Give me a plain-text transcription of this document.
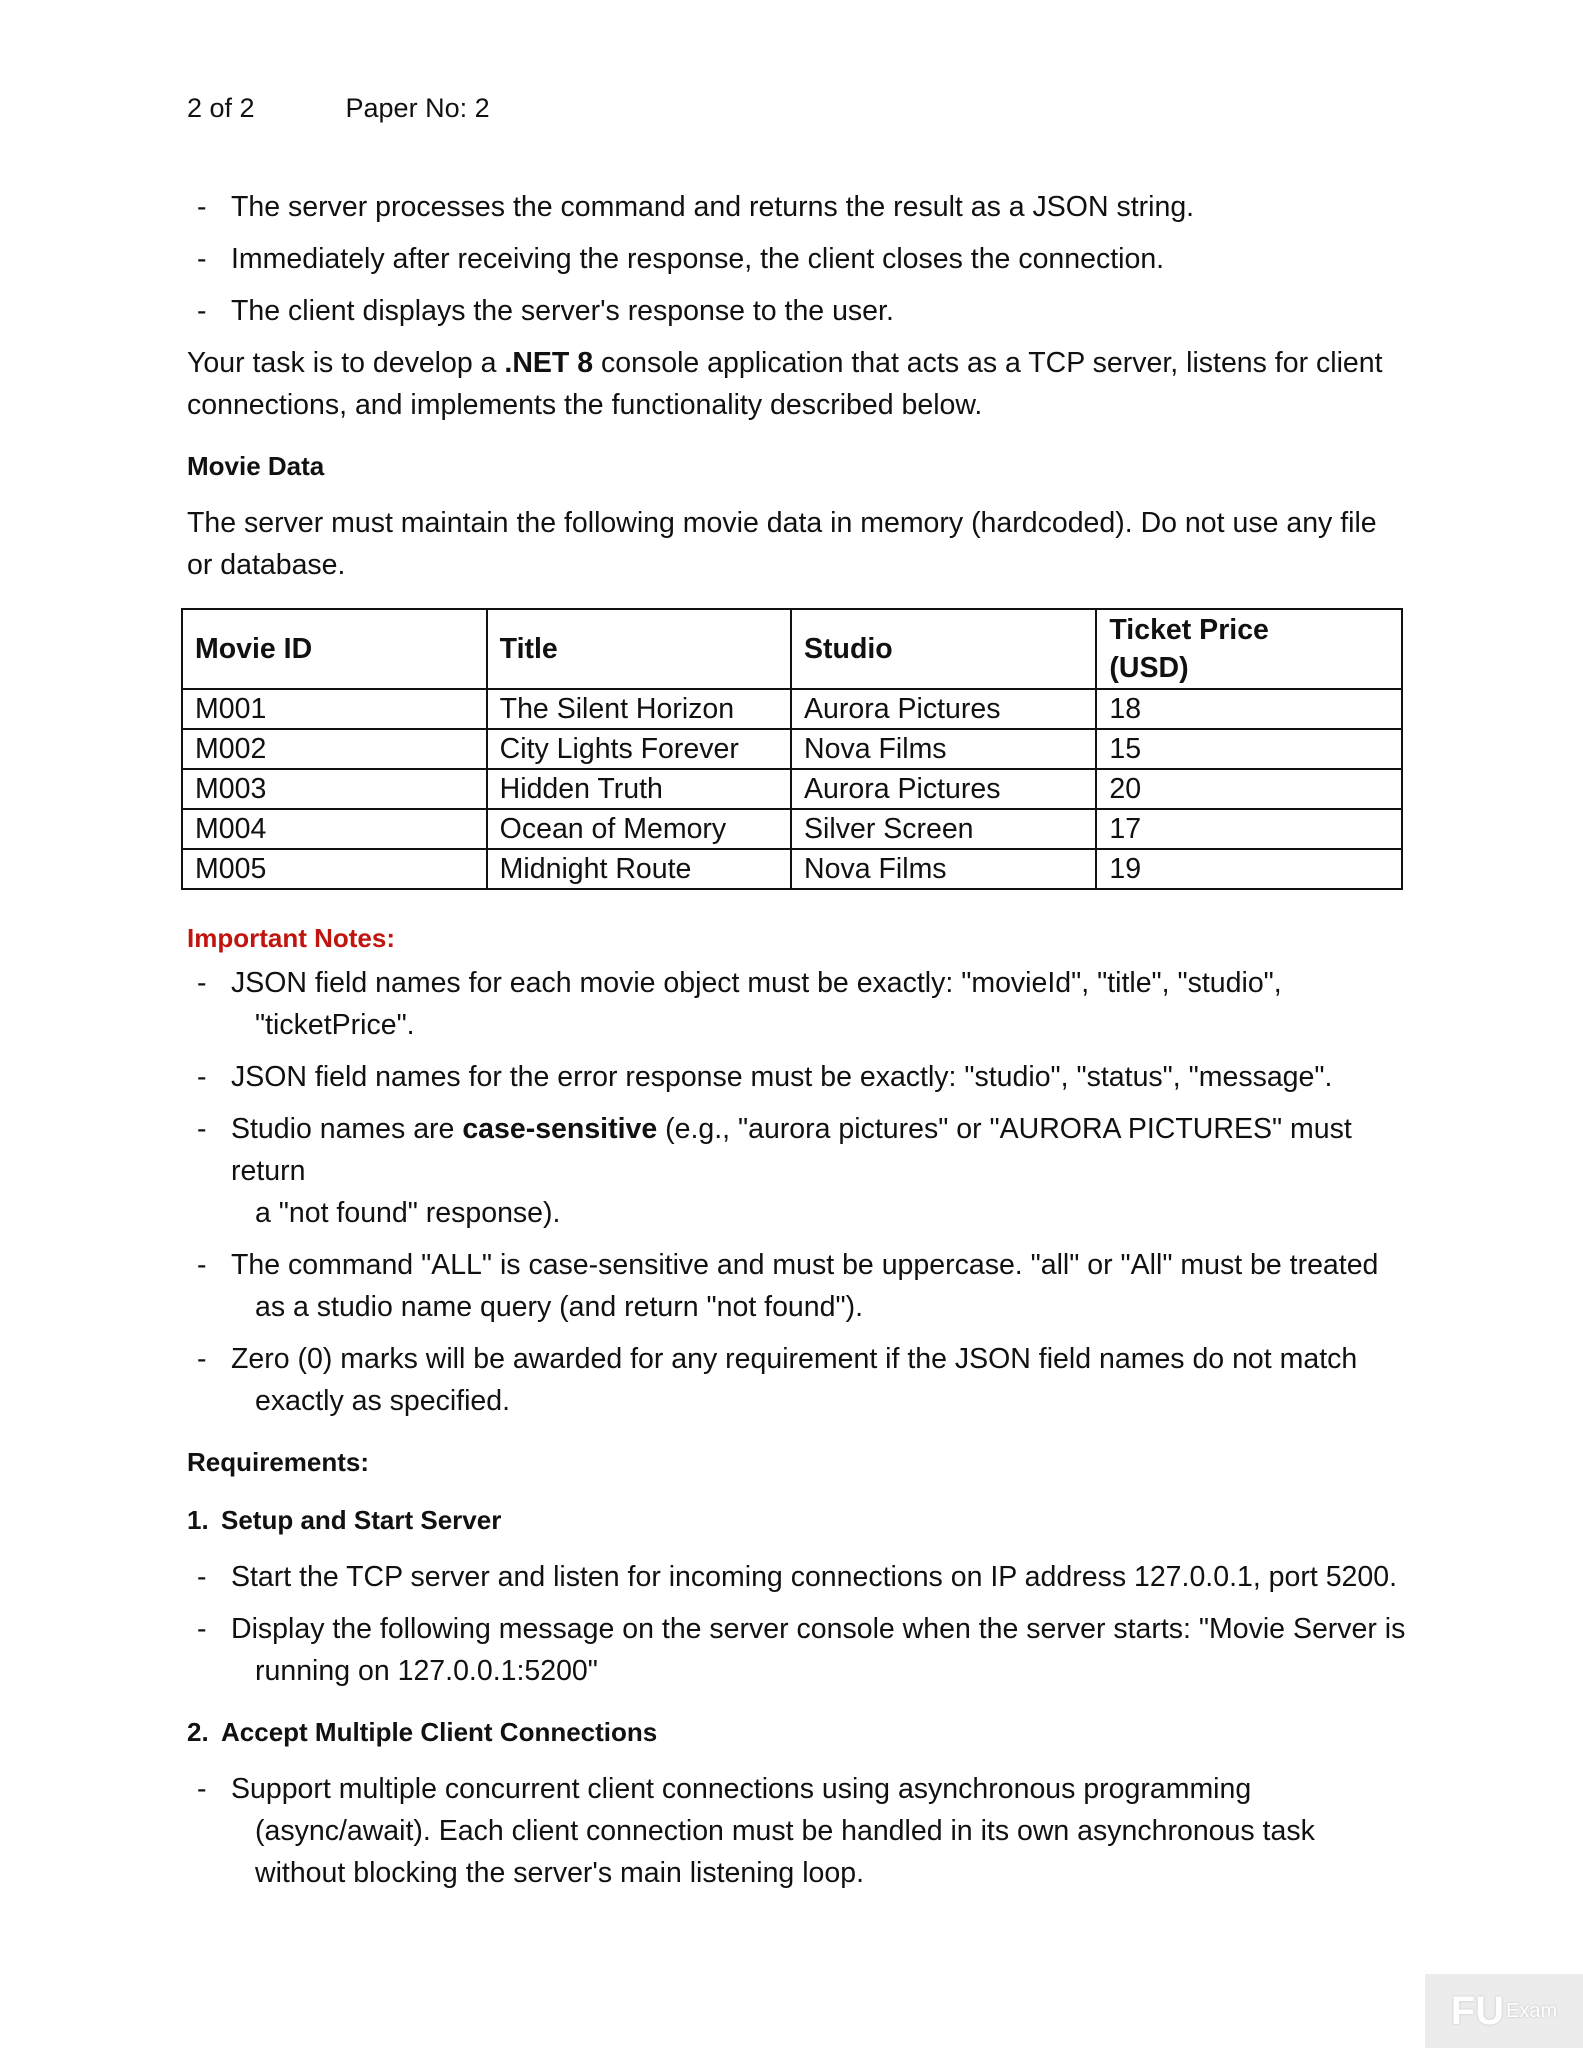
2 of 2	Paper No: 2
- The server processes the command and returns the result as a JSON string.
- Immediately after receiving the response, the client closes the connection.
- The client displays the server's response to the user.

Your task is to develop a .NET 8 console application that acts as a TCP server, listens for client
connections, and implements the functionality described below.

Movie Data

The server must maintain the following movie data in memory (hardcoded). Do not use any file
or database.

Movie ID	Title	Studio	Ticket Price (USD)
M001	The Silent Horizon	Aurora Pictures	18
M002	City Lights Forever	Nova Films	15
M003	Hidden Truth	Aurora Pictures	20
M004	Ocean of Memory	Silver Screen	17
M005	Midnight Route	Nova Films	19
Important Notes:
- JSON field names for each movie object must be exactly: "movieId", "title", "studio",
"ticketPrice".
- JSON field names for the error response must be exactly: "studio", "status", "message".
- Studio names are case-sensitive (e.g., "aurora pictures" or "AURORA PICTURES" must return
a "not found" response).
- The command "ALL" is case-sensitive and must be uppercase. "all" or "All" must be treated
as a studio name query (and return "not found").
- Zero (0) marks will be awarded for any requirement if the JSON field names do not match
exactly as specified.
Requirements:
1. Setup and Start Server
- Start the TCP server and listen for incoming connections on IP address 127.0.0.1, port 5200.
- Display the following message on the server console when the server starts: "Movie Server is
running on 127.0.0.1:5200"
2. Accept Multiple Client Connections
- Support multiple concurrent client connections using asynchronous programming
(async/await). Each client connection must be handled in its own asynchronous task
without blocking the server's main listening loop.
FU Exam
